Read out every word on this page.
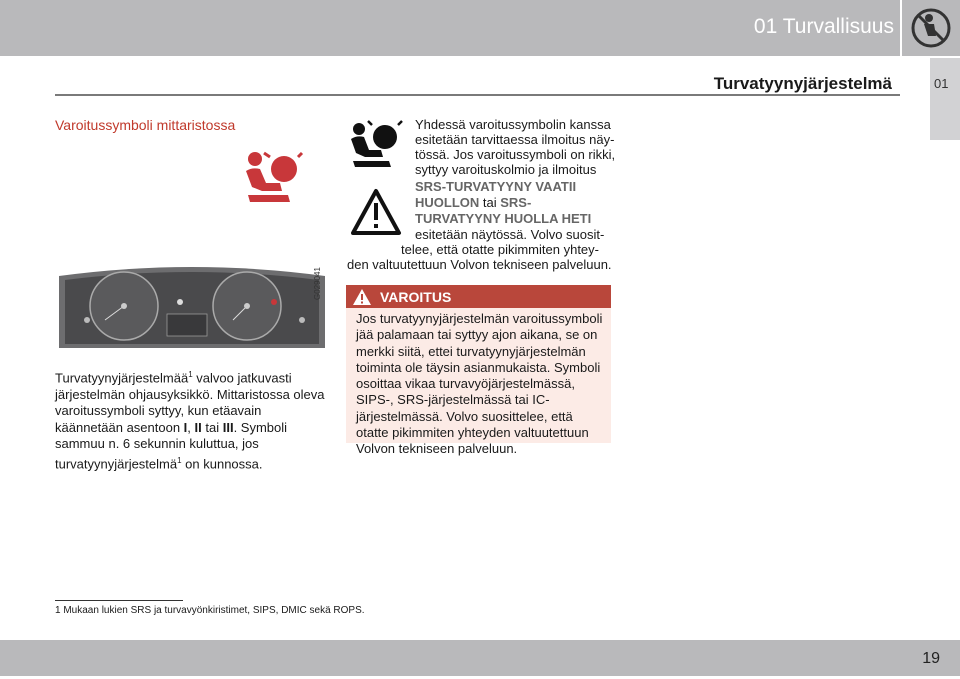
01 Turvallisuus
Turvatyynyjärjestelmä	01
Varoitussymboli mittaristossa
G029041
Turvatyynyjärjestelmää$^1$ valvoo jatkuvasti järjestelmän ohjausyksikkö. Mittaristossa oleva varoitussymboli syttyy, kun etäavain käännetään asentoon I, II tai III. Symboli sammuu n. 6 sekunnin kuluttua, jos turvatyynyjärjestelmä$^1$ on kunnossa.
Yhdessä varoitussymbolin kanssa
esitetään tarvittaessa ilmoitus näy-
tössä. Jos varoitussymboli on rikki,
syttyy varoituskolmio ja ilmoitus
SRS-TURVATYYNY VAATII
HUOLLON tai SRS-
TURVATYYNY HUOLLA HETI
esitetään näytössä. Volvo suosit-
telee, että otatte pikimmiten yhtey-
den valtuutettuun Volvon tekniseen palveluun.
VAROITUS
Jos turvatyynyjärjestelmän varoitussymboli jää palamaan tai syttyy ajon aikana, se on merkki siitä, ettei turvatyynyjärjestelmän toiminta ole täysin asianmukaista. Symboli osoittaa vikaa turvavyöjärjestelmässä, SIPS-, SRS-järjestelmässä tai IC-järjestelmässä. Volvo suosittelee, että otatte pikimmiten yhteyden valtuutettuun Volvon tekniseen palveluun.
1 Mukaan lukien SRS ja turvavyönkiristimet, SIPS, DMIC sekä ROPS.
19
